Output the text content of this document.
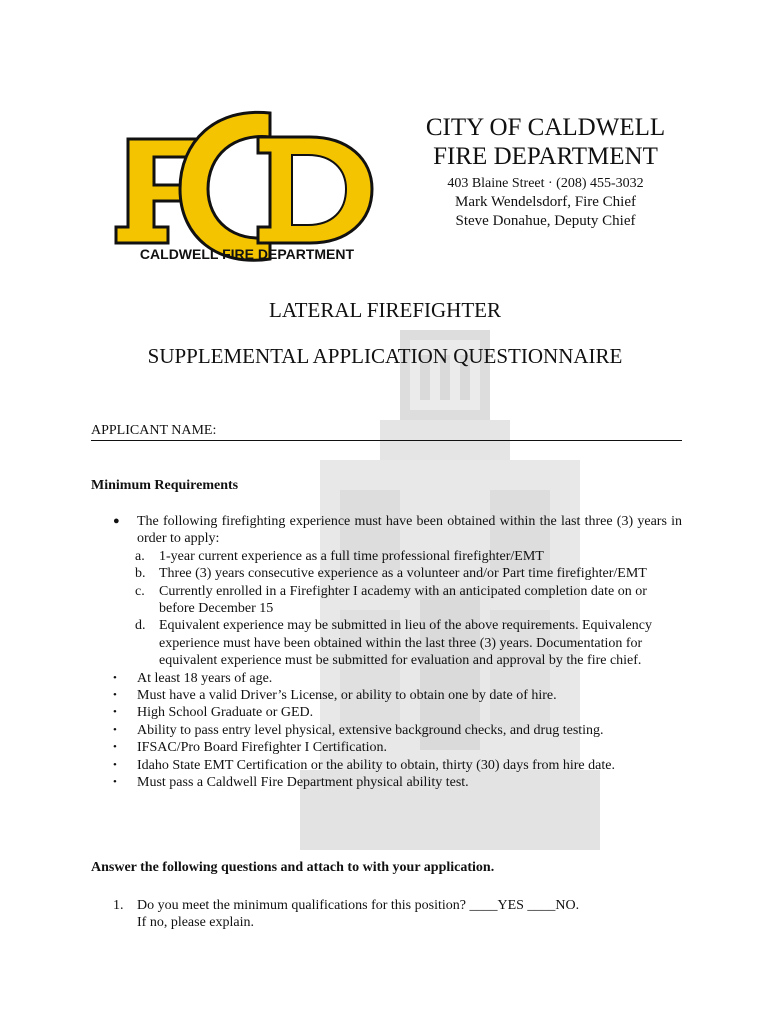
CALDWELL FIRE DEPARTMENT
CITY OF CALDWELL
FIRE DEPARTMENT
403 Blaine Street · (208) 455-3032
Mark Wendelsdorf, Fire Chief
Steve Donahue, Deputy Chief
LATERAL FIREFIGHTER
SUPPLEMENTAL APPLICATION QUESTIONNAIRE
APPLICANT NAME:
Minimum Requirements
● The following firefighting experience must have been obtained within the last three (3) years in order to apply:
a. 1-year current experience as a full time professional firefighter/EMT
b. Three (3) years consecutive experience as a volunteer and/or Part time firefighter/EMT
c. Currently enrolled in a Firefighter I academy with an anticipated completion date on or before December 15
d. Equivalent experience may be submitted in lieu of the above requirements. Equivalency experience must have been obtained within the last three (3) years. Documentation for equivalent experience must be submitted for evaluation and approval by the fire chief.
• At least 18 years of age.
• Must have a valid Driver’s License, or ability to obtain one by date of hire.
• High School Graduate or GED.
• Ability to pass entry level physical, extensive background checks, and drug testing.
• IFSAC/Pro Board Firefighter I Certification.
• Idaho State EMT Certification or the ability to obtain, thirty (30) days from hire date.
• Must pass a Caldwell Fire Department physical ability test.
Answer the following questions and attach to with your application.
1. Do you meet the minimum qualifications for this position? ____YES ____NO.
If no, please explain.
